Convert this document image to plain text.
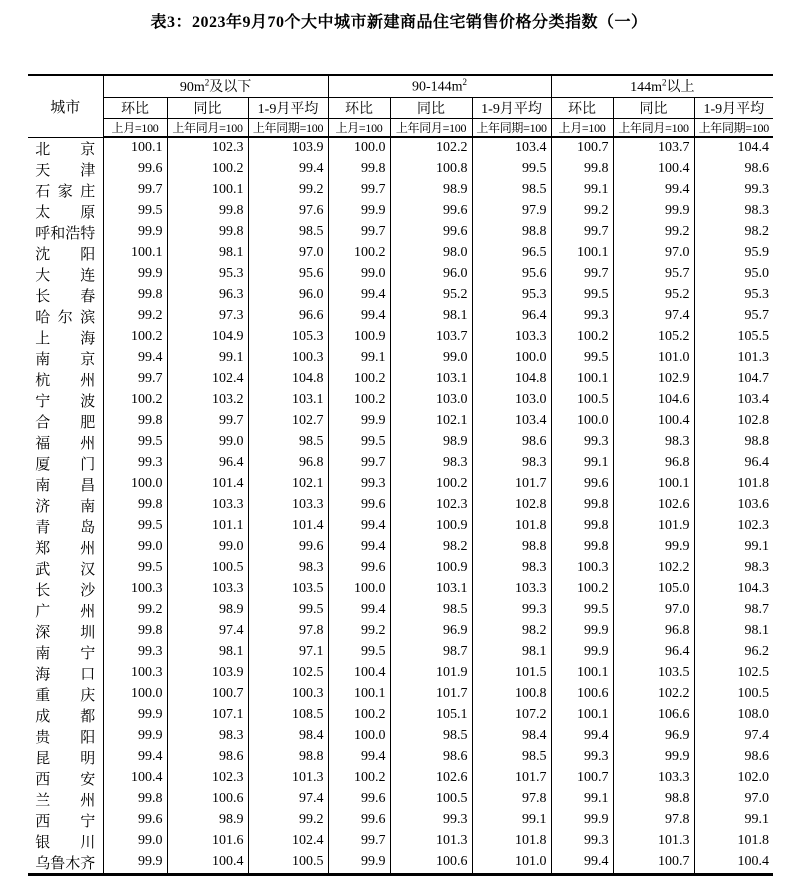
表3：2023年9月70个大中城市新建商品住宅销售价格分类指数（一）
城市	$90m^2$及以下			$90-144m^2$			$144m^2$以上		
	环比	同比	1-9月平均	环比	同比	1-9月平均	环比	同比	1-9月平均
	上月=100	上年同月=100	上年同期=100	上月=100	上年同月=100	上年同期=100	上月=100	上年同月=100	上年同期=100

北 京	100.1	102.3	103.9	100.0	102.2	103.4	100.7	103.7	104.4

天 津	99.6	100.2	99.4	99.8	100.8	99.5	99.8	100.4	98.6

石 家 庄	99.7	100.1	99.2	99.7	98.9	98.5	99.1	99.4	99.3

太 原	99.5	99.8	97.6	99.9	99.6	97.9	99.2	99.9	98.3

呼 和 浩 特	99.9	99.8	98.5	99.7	99.6	98.8	99.7	99.2	98.2

沈 阳	100.1	98.1	97.0	100.2	98.0	96.5	100.1	97.0	95.9

大 连	99.9	95.3	95.6	99.0	96.0	95.6	99.7	95.7	95.0

长 春	99.8	96.3	96.0	99.4	95.2	95.3	99.5	95.2	95.3

哈 尔 滨	99.2	97.3	96.6	99.4	98.1	96.4	99.3	97.4	95.7

上 海	100.2	104.9	105.3	100.9	103.7	103.3	100.2	105.2	105.5

南 京	99.4	99.1	100.3	99.1	99.0	100.0	99.5	101.0	101.3

杭 州	99.7	102.4	104.8	100.2	103.1	104.8	100.1	102.9	104.7

宁 波	100.2	103.2	103.1	100.2	103.0	103.0	100.5	104.6	103.4

合 肥	99.8	99.7	102.7	99.9	102.1	103.4	100.0	100.4	102.8

福 州	99.5	99.0	98.5	99.5	98.9	98.6	99.3	98.3	98.8

厦 门	99.3	96.4	96.8	99.7	98.3	98.3	99.1	96.8	96.4

南 昌	100.0	101.4	102.1	99.3	100.2	101.7	99.6	100.1	101.8

济 南	99.8	103.3	103.3	99.6	102.3	102.8	99.8	102.6	103.6

青 岛	99.5	101.1	101.4	99.4	100.9	101.8	99.8	101.9	102.3

郑 州	99.0	99.0	99.6	99.4	98.2	98.8	99.8	99.9	99.1

武 汉	99.5	100.5	98.3	99.6	100.9	98.3	100.3	102.2	98.3

长 沙	100.3	103.3	103.5	100.0	103.1	103.3	100.2	105.0	104.3

广 州	99.2	98.9	99.5	99.4	98.5	99.3	99.5	97.0	98.7

深 圳	99.8	97.4	97.8	99.2	96.9	98.2	99.9	96.8	98.1

南 宁	99.3	98.1	97.1	99.5	98.7	98.1	99.9	96.4	96.2

海 口	100.3	103.9	102.5	100.4	101.9	101.5	100.1	103.5	102.5

重 庆	100.0	100.7	100.3	100.1	101.7	100.8	100.6	102.2	100.5

成 都	99.9	107.1	108.5	100.2	105.1	107.2	100.1	106.6	108.0

贵 阳	99.9	98.3	98.4	100.0	98.5	98.4	99.4	96.9	97.4

昆 明	99.4	98.6	98.8	99.4	98.6	98.5	99.3	99.9	98.6

西 安	100.4	102.3	101.3	100.2	102.6	101.7	100.7	103.3	102.0

兰 州	99.8	100.6	97.4	99.6	100.5	97.8	99.1	98.8	97.0

西 宁	99.6	98.9	99.2	99.6	99.3	99.1	99.9	97.8	99.1

银 川	99.0	101.6	102.4	99.7	101.3	101.8	99.3	101.3	101.8

乌 鲁 木 齐	99.9	100.4	100.5	99.9	100.6	101.0	99.4	100.7	100.4
